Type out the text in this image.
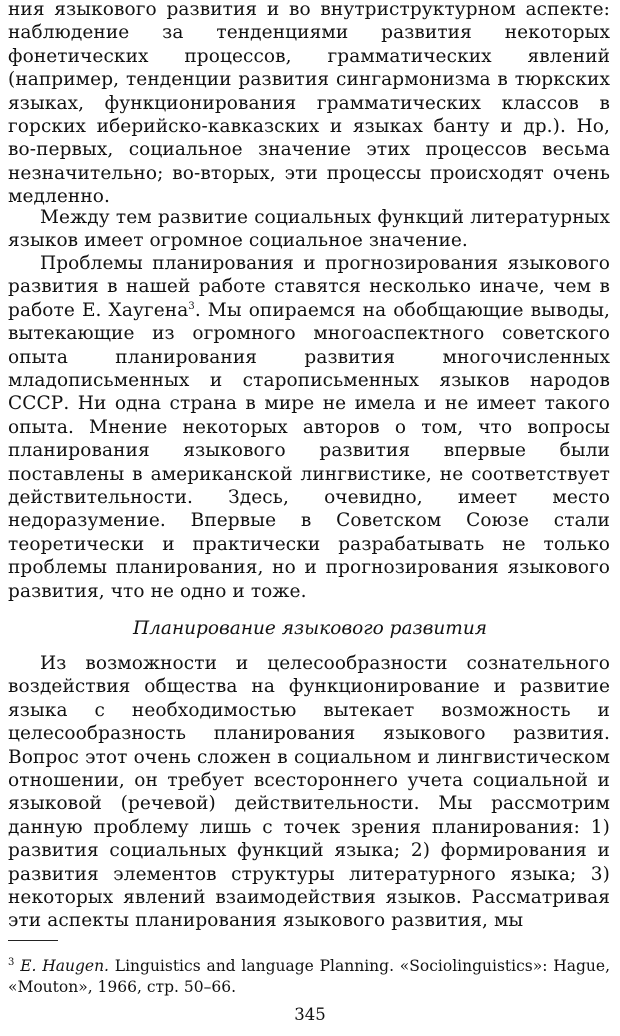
ния языкового развития и во внутриструктурном аспекте: наблюдение за тенденциями развития некоторых фонетических процессов, грамматических явлений (например, тенденции развития сингармонизма в тюркских языках, функционирования грамматических классов в горских иберийско-кавказских и языках банту и др.). Но, во-первых, социальное значение этих процессов весьма незначительно; во-вторых, эти процессы происходят очень медленно.

Между тем развитие социальных функций литературных языков имеет огромное социальное значение.

Проблемы планирования и прогнозирования языкового развития в нашей работе ставятся несколько иначе, чем в работе Е. Хаугена$^3$. Мы опираемся на обобщающие выводы, вытекающие из огромного многоаспектного советского опыта планирования развития многочисленных младописьменных и старописьменных языков народов СССР. Ни одна страна в мире не имела и не имеет такого опыта. Мнение некоторых авторов о том, что вопросы планирования языкового развития впервые были поставлены в американской лингвистике, не соответствует действительности. Здесь, очевидно, имеет место недоразумение. Впервые в Советском Союзе стали теоретически и практически разрабатывать не только проблемы планирования, но и прогнозирования языкового развития, что не одно и тоже.

Планирование языкового развития

Из возможности и целесообразности сознательного воздействия общества на функционирование и развитие языка с необходимостью вытекает возможность и целесообразность планирования языкового развития. Вопрос этот очень сложен в социальном и лингвистическом отношении, он требует всестороннего учета социальной и языковой (речевой) действительности. Мы рассмотрим данную проблему лишь с точек зрения планирования: 1) развития социальных функций языка; 2) формирования и развития элементов структуры литературного языка; 3) некоторых явлений взаимодействия языков. Рассматривая эти аспекты планирования языкового развития, мы

$^3$ E. Haugen. Linguistics and language Planning. «Sociolinguistics»: Hague, «Mouton», 1966, стр. 50–66.
345
